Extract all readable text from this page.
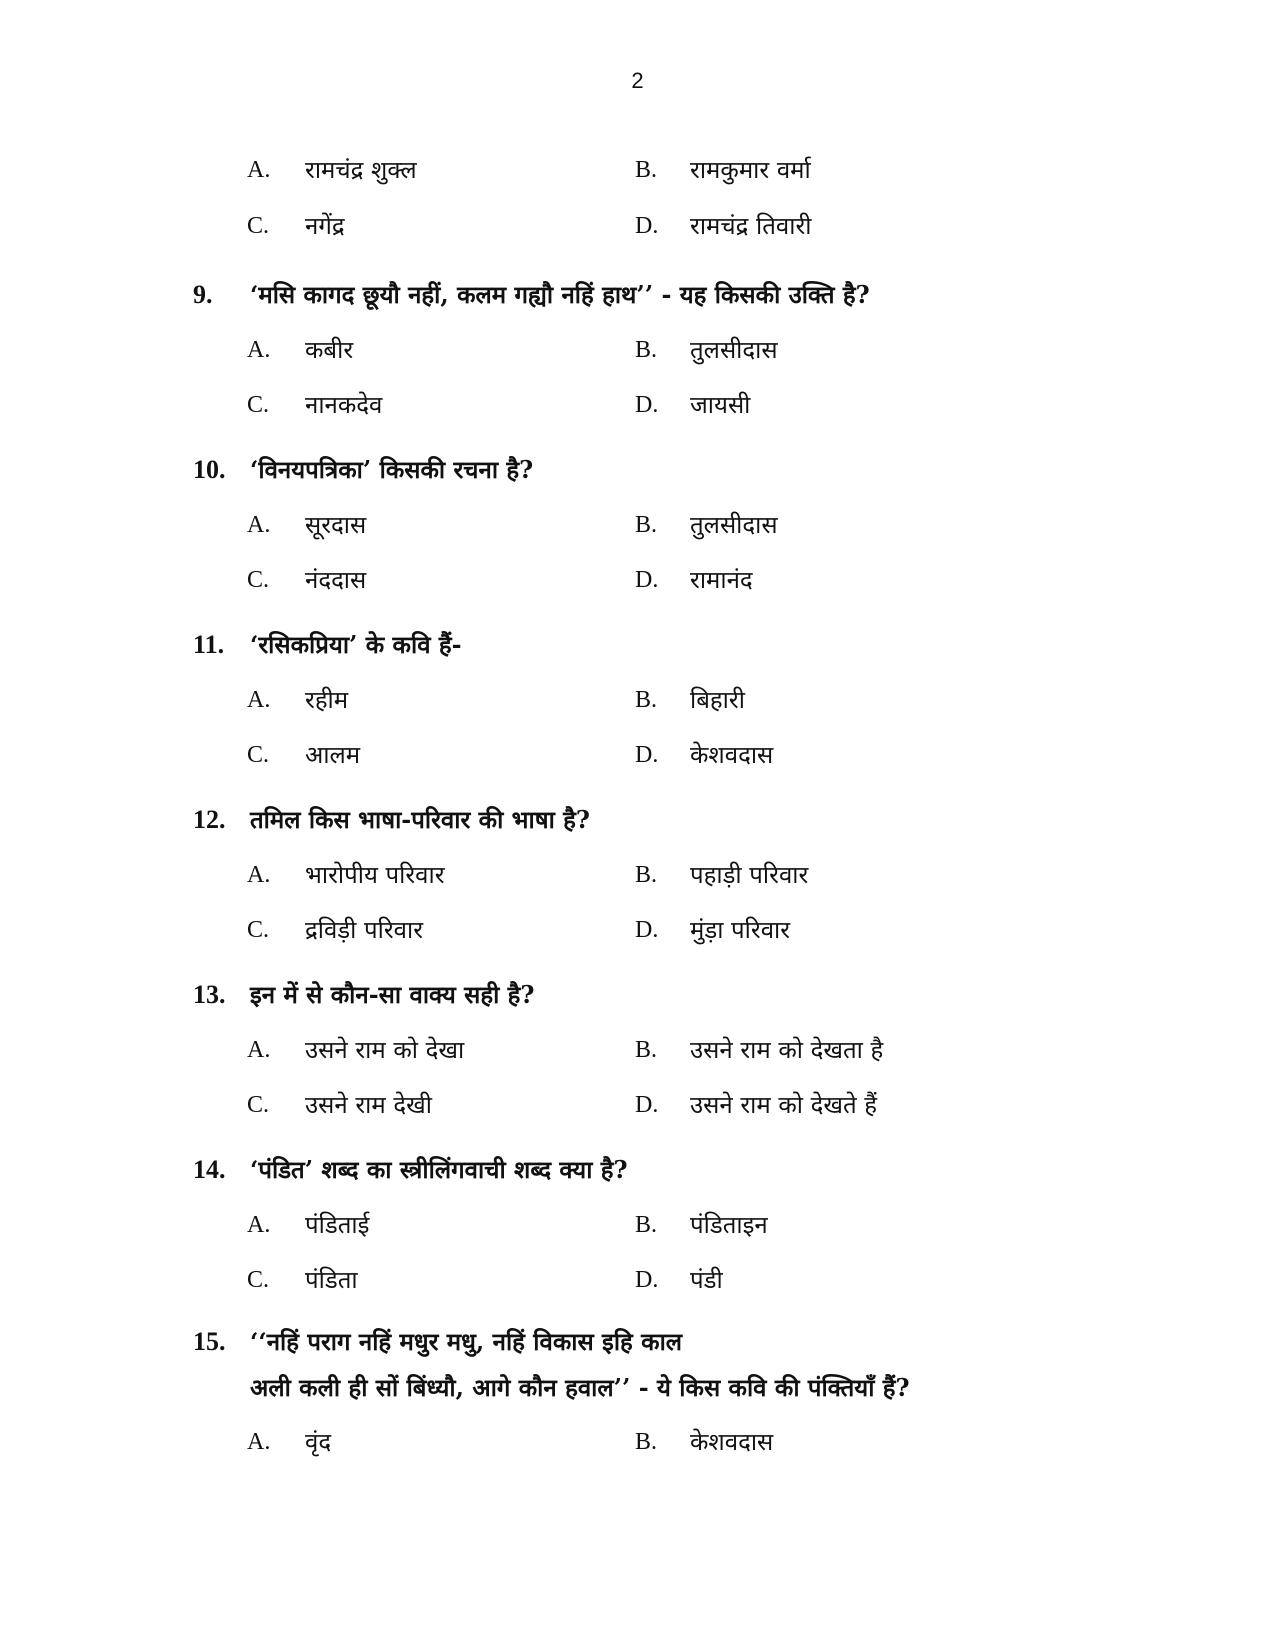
2
A.	रामचंद्र शुक्ल	B.	रामकुमार वर्मा
C.	नगेंद्र	D.	रामचंद्र तिवारी
9. ‘मसि कागद छूयौ नहीं, कलम गह्यौ नहिं हाथ’’ - यह किसकी उक्ति है?
A.	कबीर	B.	तुलसीदास
C.	नानकदेव	D.	जायसी
10. ‘विनयपत्रिका’ किसकी रचना है?
A.	सूरदास	B.	तुलसीदास
C.	नंददास	D.	रामानंद
11. ‘रसिकप्रिया’ के कवि हैं-
A.	रहीम	B.	बिहारी
C.	आलम	D.	केशवदास
12. तमिल किस भाषा-परिवार की भाषा है?
A.	भारोपीय परिवार	B.	पहाड़ी परिवार
C.	द्रविड़ी परिवार	D.	मुंड़ा परिवार
13. इन में से कौन-सा वाक्य सही है?
A.	उसने राम को देखा	B.	उसने राम को देखता है
C.	उसने राम देखी	D.	उसने राम को देखते हैं
14. ‘पंडित’ शब्द का स्त्रीलिंगवाची शब्द क्या है?
A.	पंडिताई	B.	पंडिताइन
C.	पंडिता	D.	पंडी
15. ‘‘नहिं पराग नहिं मधुर मधु, नहिं विकास इहि काल
अली कली ही सों बिंध्यौ, आगे कौन हवाल’’ - ये किस कवि की पंक्तियाँ हैं?
A.	वृंद	B.	केशवदास
